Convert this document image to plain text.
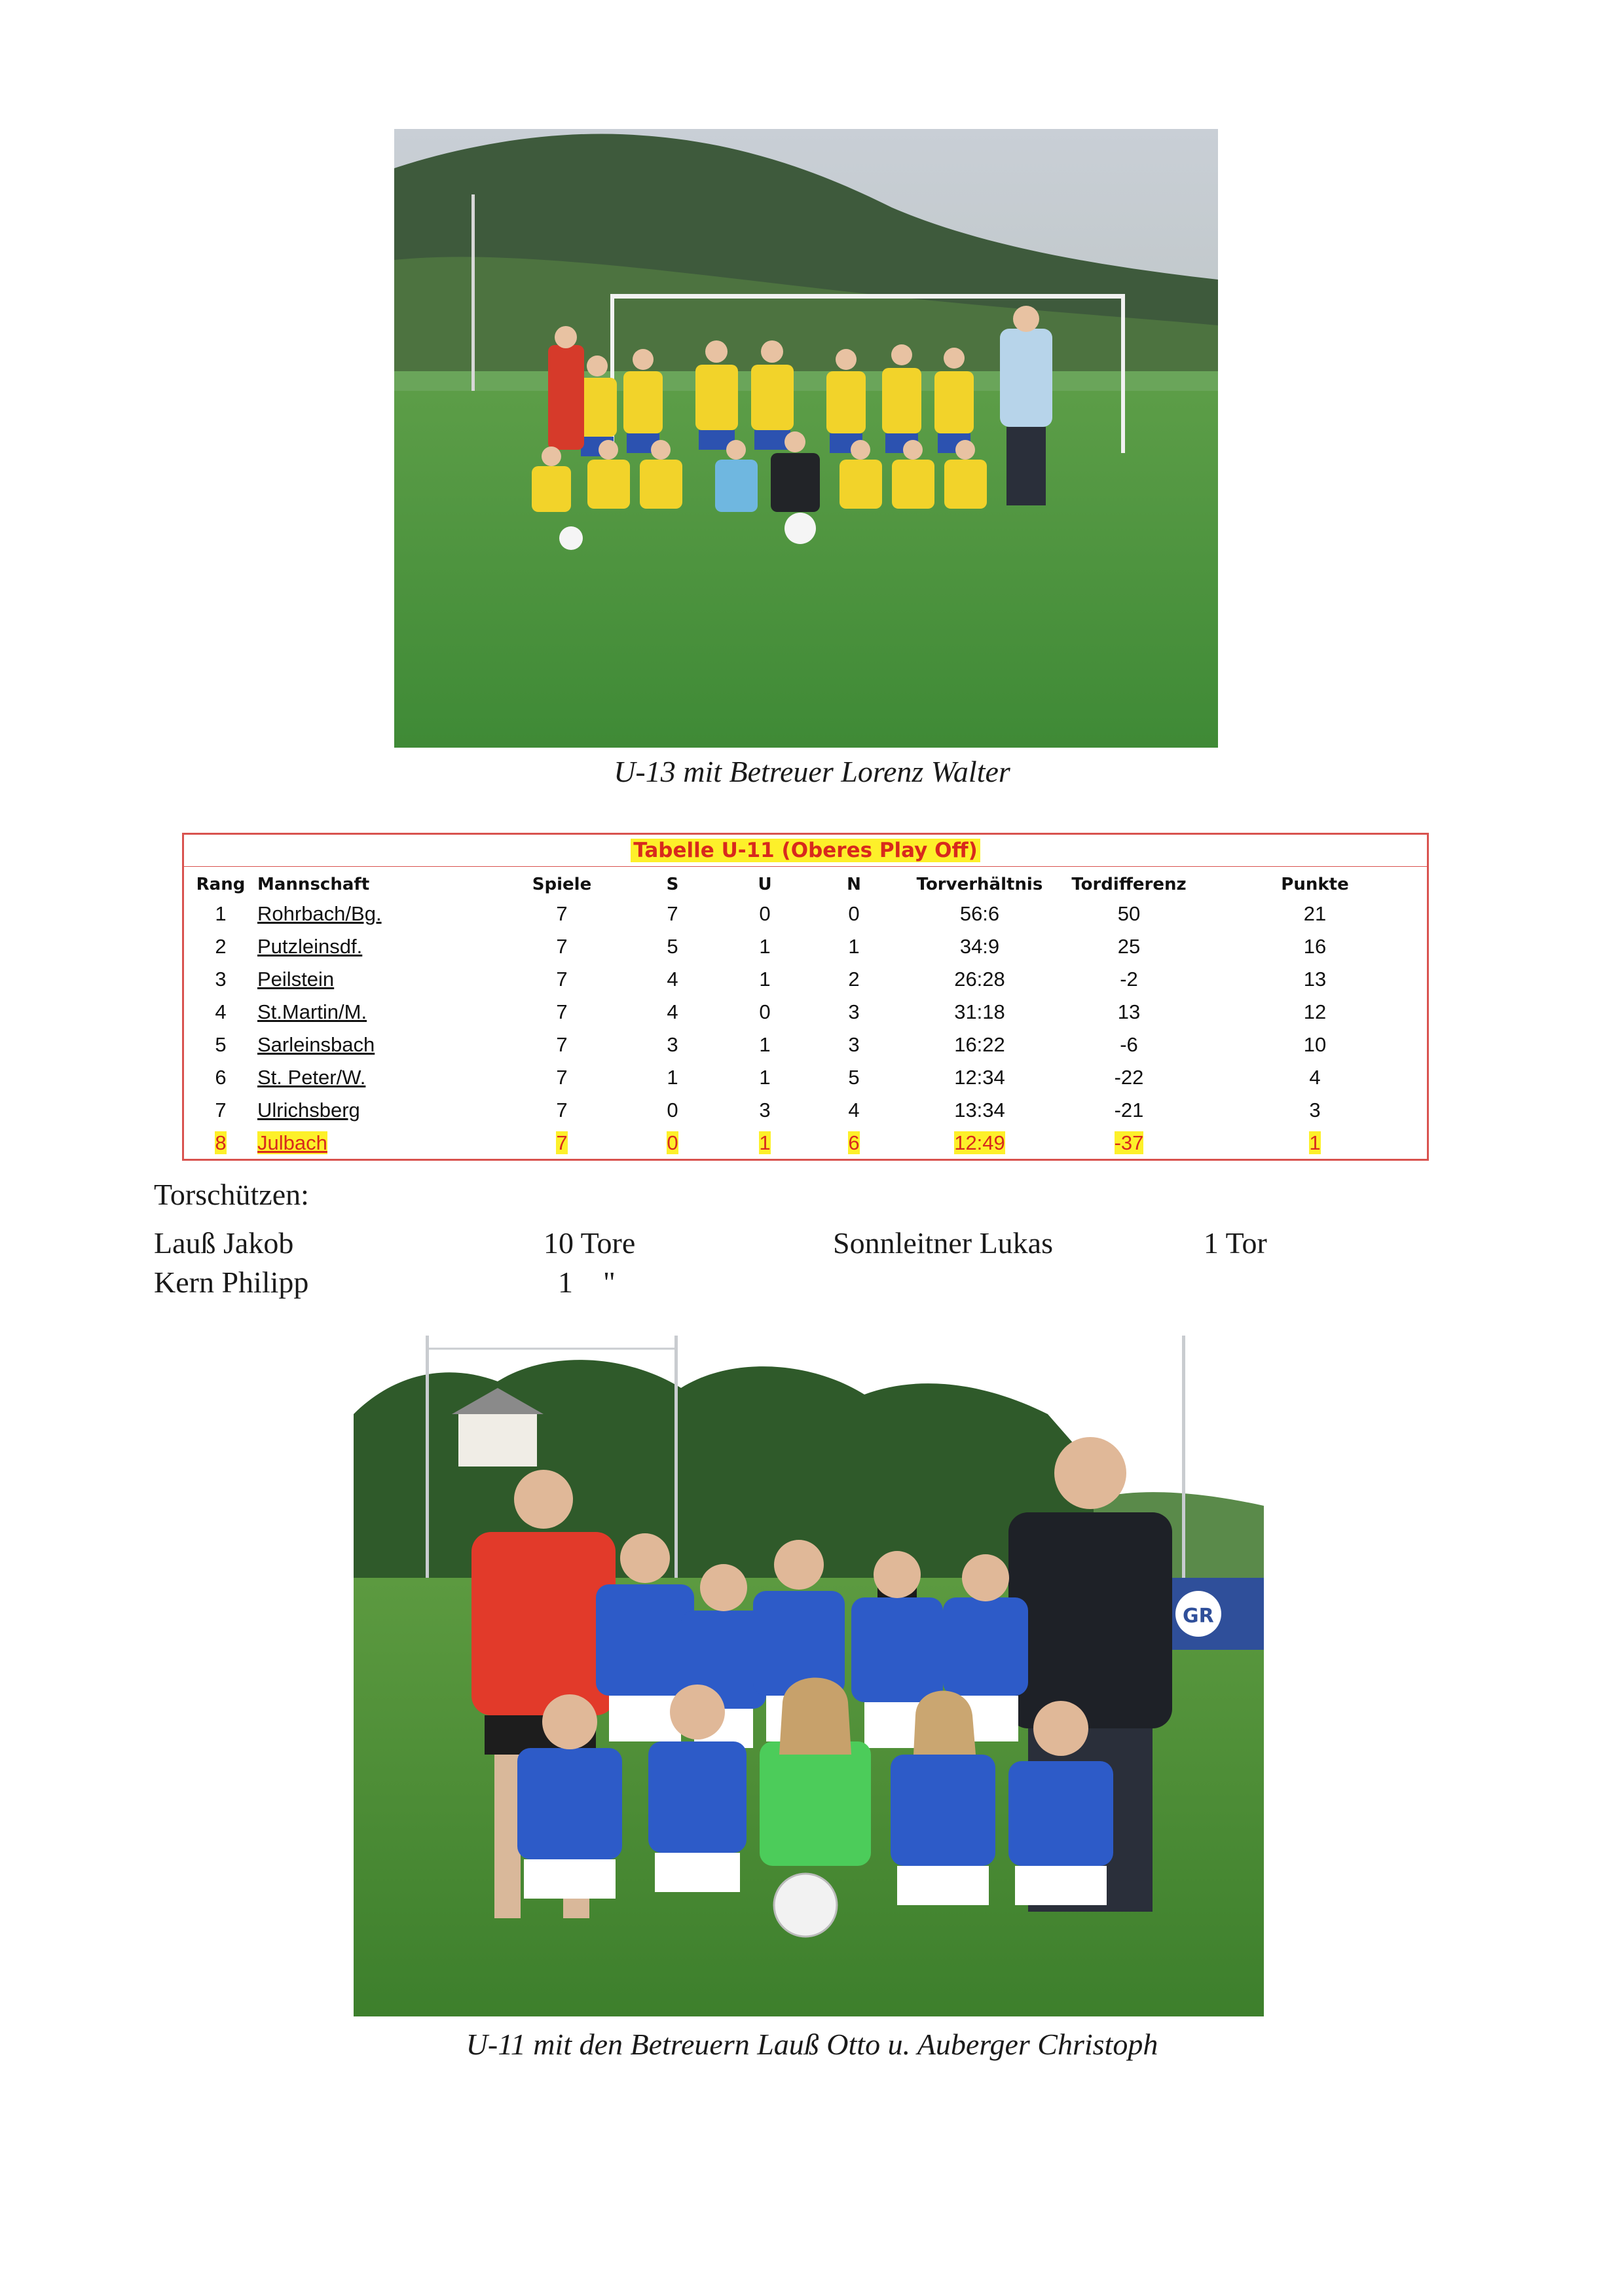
U-13 mit Betreuer Lorenz Walter
Tabelle U-11 (Oberes Play Off)
Rang	Mannschaft	Spiele	S	U	N	Torverhältnis	Tordifferenz	Punkte
1	Rohrbach/Bg.	7	7	0	0	56:6	50	21
2	Putzleinsdf.	7	5	1	1	34:9	25	16
3	Peilstein	7	4	1	2	26:28	-2	13
4	St.Martin/M.	7	4	0	3	31:18	13	12
5	Sarleinsbach	7	3	1	3	16:22	-6	10
6	St. Peter/W.	7	1	1	5	12:34	-22	4
7	Ulrichsberg	7	0	3	4	13:34	-21	3
8	Julbach	7	0	1	6	12:49	-37	1
Torschützen:
Lauß Jakob	10 Tore	Sonnleitner Lukas	1 Tor
Kern Philipp	1    "
GR
U-11 mit den Betreuern Lauß Otto u. Auberger Christoph
